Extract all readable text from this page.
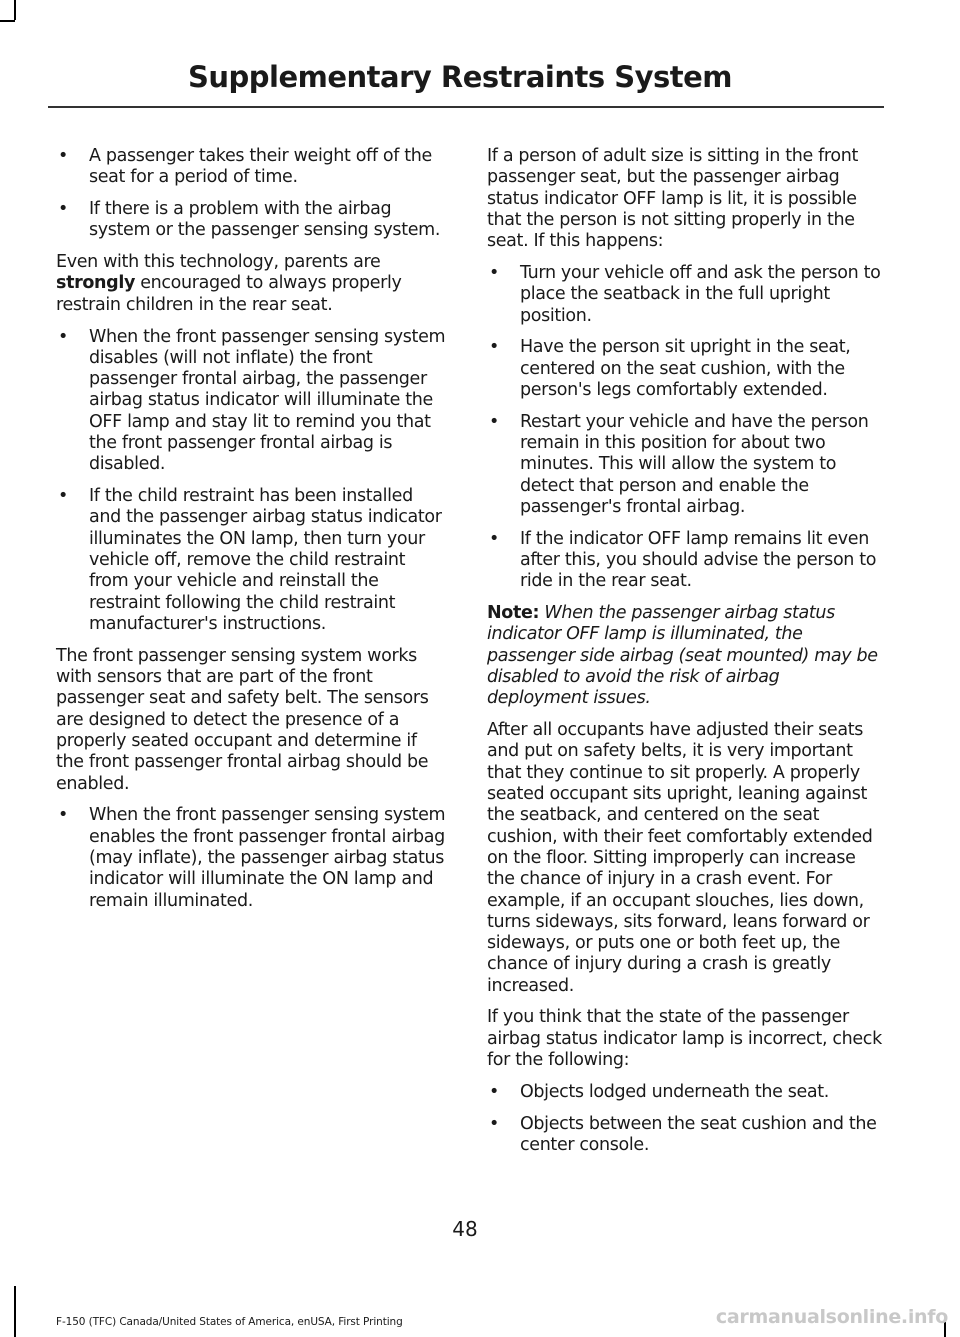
Supplementary Restraints System
• A passenger takes their weight off of the seat for a period of time.
• If there is a problem with the airbag system or the passenger sensing system.

Even with this technology, parents are strongly encouraged to always properly restrain children in the rear seat.

• When the front passenger sensing system disables (will not inflate) the front passenger frontal airbag, the passenger airbag status indicator will illuminate the OFF lamp and stay lit to remind you that the front passenger frontal airbag is disabled.
• If the child restraint has been installed and the passenger airbag status indicator illuminates the ON lamp, then turn your vehicle off, remove the child restraint from your vehicle and reinstall the restraint following the child restraint manufacturer's instructions.

The front passenger sensing system works with sensors that are part of the front passenger seat and safety belt. The sensors are designed to detect the presence of a properly seated occupant and determine if the front passenger frontal airbag should be enabled.

• When the front passenger sensing system enables the front passenger frontal airbag (may inflate), the passenger airbag status indicator will illuminate the ON lamp and remain illuminated.

If a person of adult size is sitting in the front passenger seat, but the passenger airbag status indicator OFF lamp is lit, it is possible that the person is not sitting properly in the seat. If this happens:

• Turn your vehicle off and ask the person to place the seatback in the full upright position.
• Have the person sit upright in the seat, centered on the seat cushion, with the person's legs comfortably extended.
• Restart your vehicle and have the person remain in this position for about two minutes. This will allow the system to detect that person and enable the passenger's frontal airbag.
• If the indicator OFF lamp remains lit even after this, you should advise the person to ride in the rear seat.

Note: When the passenger airbag status indicator OFF lamp is illuminated, the passenger side airbag (seat mounted) may be disabled to avoid the risk of airbag deployment issues.

After all occupants have adjusted their seats and put on safety belts, it is very important that they continue to sit properly. A properly seated occupant sits upright, leaning against the seatback, and centered on the seat cushion, with their feet comfortably extended on the floor. Sitting improperly can increase the chance of injury in a crash event. For example, if an occupant slouches, lies down, turns sideways, sits forward, leans forward or sideways, or puts one or both feet up, the chance of injury during a crash is greatly increased.

If you think that the state of the passenger airbag status indicator lamp is incorrect, check for the following:

• Objects lodged underneath the seat.
• Objects between the seat cushion and the center console.
48
F-150 (TFC) Canada/United States of America, enUSA, First Printing	carmanualsonline.info
